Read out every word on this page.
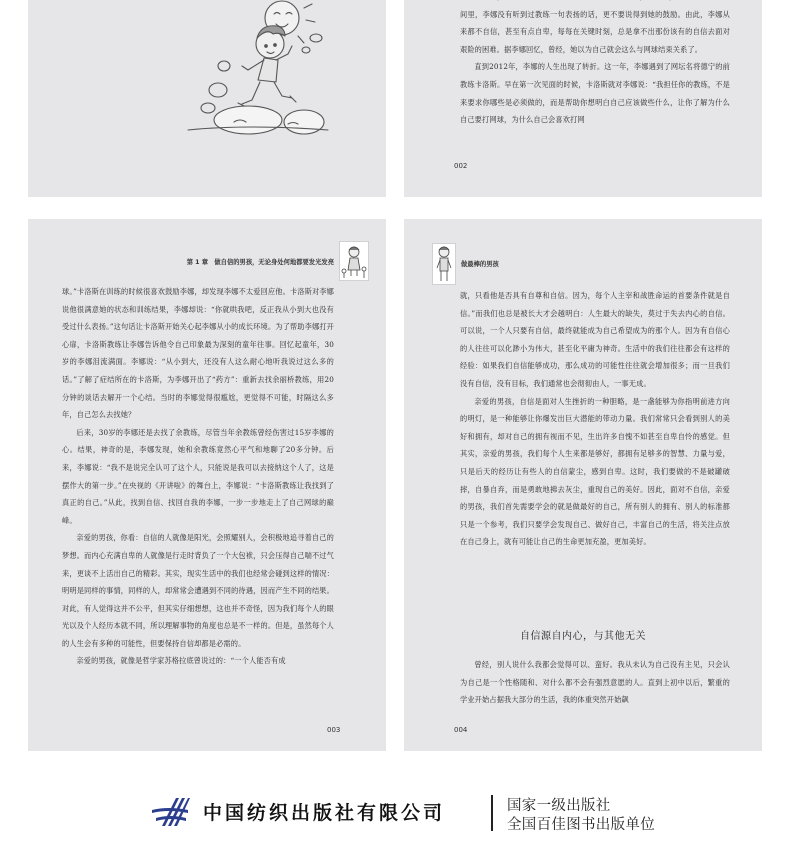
间里，李娜没有听到过教练一句表扬的话，更不要说得到她的鼓励。由此，李娜从来都不自信，甚至有点自卑，每每在关键时刻，总是拿不出那份该有的自信去面对艰险的困难。据李娜回忆，曾经，她以为自己就会这么与网球结束关系了。

直到2012年，李娜的人生出现了转折。这一年，李娜遇到了网坛名将德宁的前教练卡洛斯。早在第一次见面的时候，卡洛斯就对李娜说：“我担任你的教练，不是来要求你哪些是必须做的，而是帮助你想明白自己应该做些什么，让你了解为什么自己要打网球，为什么自己会喜欢打网

002
第 1 章　做自信的男孩，无论身处何地都要发光发亮

球。”卡洛斯在训练的时候很喜欢鼓励李娜，却发现李娜不太爱回应他。卡洛斯对李娜说他很满意她的状态和训练结果，李娜却说：“你就哄我吧，反正我从小到大也没有受过什么表扬。”这句话让卡洛斯开始关心起李娜从小的成长环境。为了帮助李娜打开心扉，卡洛斯教练让李娜告诉他令自己印象最为深刻的童年往事。回忆起童年，30岁的李娜泪流满面。李娜说：“从小到大，还没有人这么耐心地听我说过这么多的话。”了解了症结所在的卡洛斯，为李娜开出了“药方”：重新去找余丽桥教练，用20分钟的谈话去解开一个心结。当时的李娜觉得很尴尬，更觉得不可能，时隔这么多年，自己怎么去找她？

后来，30岁的李娜还是去找了余教练，尽管当年余教练曾经伤害过15岁李娜的心。结果，神奇的是，李娜发现，她和余教练竟然心平气和地聊了20多分钟。后来，李娜说：“我不是说完全认可了这个人，只能说是我可以去接纳这个人了，这是摆作大的第一步。”在央视的《开讲啦》的舞台上，李娜说：“卡洛斯教练让我找到了真正的自己。”从此，找到自信、找回自我的李娜，一步一步地走上了自己网球的巅峰。

亲爱的男孩，你看：自信的人就像是阳光，会照耀别人，会积极地追寻着自己的梦想。而内心充满自卑的人就像是行走时背负了一个大包袱，只会压得自己喘不过气来，更谈不上活出自己的精彩。其实，现实生活中的我们也经常会碰到这样的情况：明明是同样的事情，同样的人，却常常会遭遇到不同的待遇，因而产生不同的结果。对此，有人觉得这并不公平，但其实仔细想想，这也并不奇怪，因为我们每个人的眼光以及个人经历本就不同，所以理解事物的角度也总是不一样的。但是，虽然每个人的人生会有多种的可能性，但要保持自信却都是必需的。

亲爱的男孩，就像是哲学家苏格拉底曾说过的：“一个人能否有成

003
做最棒的男孩

就，只看他是否具有自尊和自信。因为，每个人主宰和战胜命运的首要条件就是自信。”而我们也总是被长大才会越明白：人生最大的缺失，莫过于失去内心的自信。可以说，一个人只要有自信，最终就能成为自己希望成为的那个人。因为有自信心的人往往可以化渺小为伟大，甚至化平庸为神奇。生活中的我们往往都会有这样的经验：如果我们自信能够成功，那么成功的可能性往往就会增加很多；而一旦我们没有自信，没有目标，我们通常也会彻彻由人，一事无成。

亲爱的男孩，自信是面对人生挫折的一种胆略，是一盏能够为你指明前进方向的明灯，是一种能够让你爆发出巨大潜能的带动力量。我们常常只会看到别人的美好和拥有，却对自己的拥有视而不见，生出许多自愧不如甚至自卑自怜的感觉。但其实，亲爱的男孩，我们每个人生来都是够好，都拥有足够多的智慧、力量与爱，只是后天的经历让有些人的自信蒙尘，感到自卑。这时，我们要做的不是破罐破摔，自暴自弃，而是勇敢地拂去灰尘，重现自己的美好。因此，面对不自信，亲爱的男孩，我们首先需要学会的就是做最好的自己，所有别人的拥有、别人的标准都只是一个参考，我们只要学会发现自己、做好自己，丰富自己的生活，将关注点放在自己身上，就有可能让自己的生命更加充盈，更加美好。

自信源自内心，与其他无关

曾经，别人说什么我都会觉得可以、蛮好。我从未认为自己没有主见，只会认为自己是一个性格随和、对什么都不会有强烈意愿的人。直到上初中以后，繁重的学业开始占据我大部分的生活，我的体重突然开始飙

004
中国纺织出版社有限公司	国家一级出版社
全国百佳图书出版单位
